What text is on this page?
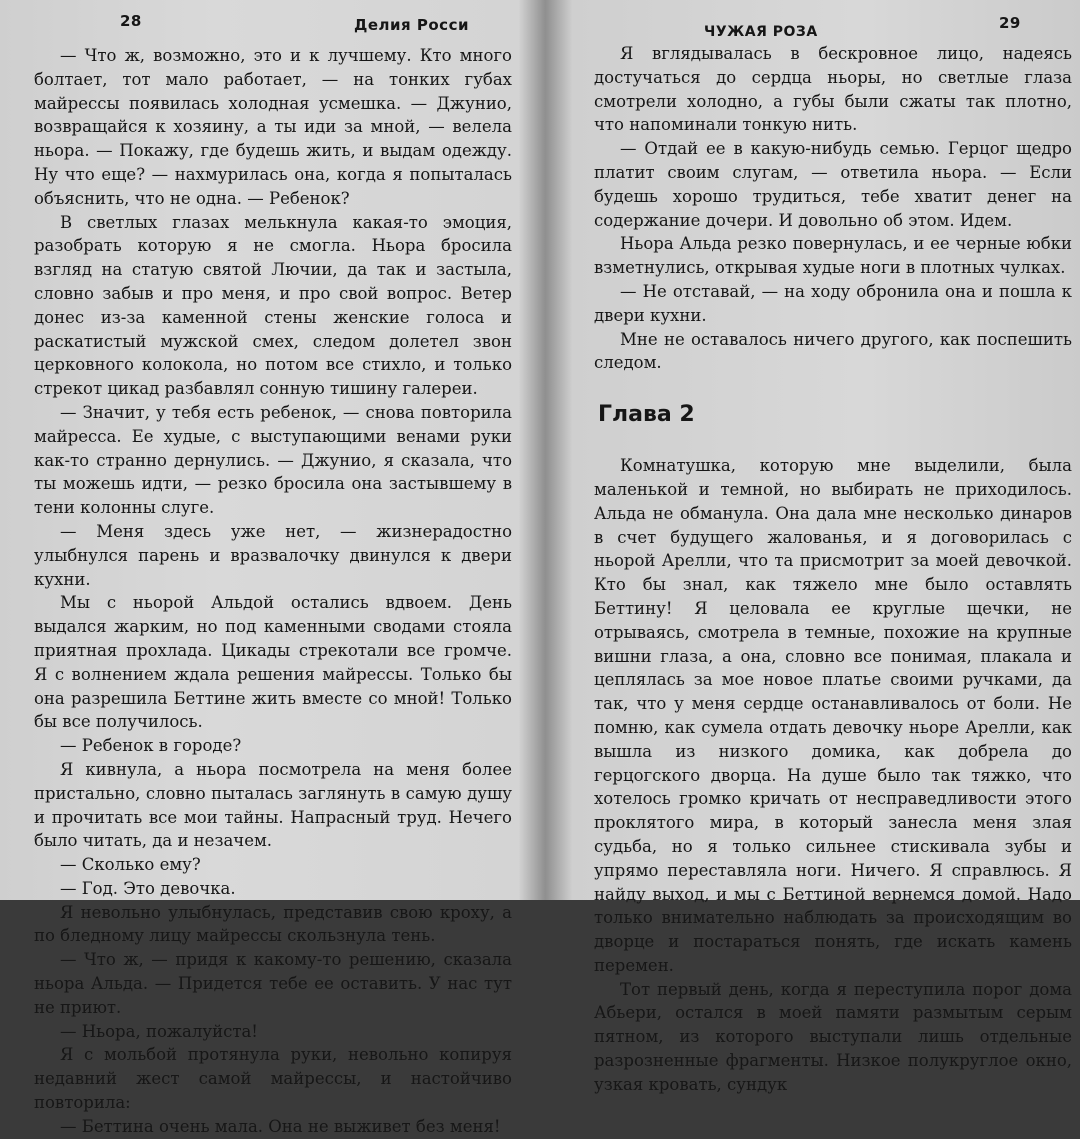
28	Делия Росси

— Что ж, возможно, это и к лучшему. Кто много болтает, тот мало работает, — на тонких губах майрессы появилась холодная усмешка. — Джунио, возвращайся к хозяину, а ты иди за мной, — велела ньора. — Покажу, где будешь жить, и выдам одежду. Ну что еще? — нахмурилась она, когда я попыталась объяснить, что не одна. — Ребенок?

В светлых глазах мелькнула какая-то эмоция, разобрать которую я не смогла. Ньора бросила взгляд на статую святой Лючии, да так и застыла, словно забыв и про меня, и про свой вопрос. Ветер донес из-за каменной стены женские голоса и раскатистый мужской смех, следом долетел звон церковного колокола, но потом все стихло, и только стрекот цикад разбавлял сонную тишину галереи.

— Значит, у тебя есть ребенок, — снова повторила майресса. Ее худые, с выступающими венами руки как-то странно дернулись. — Джунио, я сказала, что ты можешь идти, — резко бросила она застывшему в тени колонны слуге.

— Меня здесь уже нет, — жизнерадостно улыбнулся парень и вразвалочку двинулся к двери кухни.

Мы с ньорой Альдой остались вдвоем. День выдался жарким, но под каменными сводами стояла приятная прохлада. Цикады стрекотали все громче. Я с волнением ждала решения майрессы. Только бы она разрешила Беттине жить вместе со мной! Только бы все получилось.

— Ребенок в городе?

Я кивнула, а ньора посмотрела на меня более пристально, словно пыталась заглянуть в самую душу и прочитать все мои тайны. Напрасный труд. Нечего было читать, да и незачем.

— Сколько ему?

— Год. Это девочка.

Я невольно улыбнулась, представив свою кроху, а по бледному лицу майрессы скользнула тень.

— Что ж, — придя к какому-то решению, сказала ньора Альда. — Придется тебе ее оставить. У нас тут не приют.

— Ньора, пожалуйста!

Я с мольбой протянула руки, невольно копируя недавний жест самой майрессы, и настойчиво повторила:

— Беттина очень мала. Она не выживет без меня!

ЧУЖАЯ РОЗА	29

Я вглядывалась в бескровное лицо, надеясь достучаться до сердца ньоры, но светлые глаза смотрели холодно, а губы были сжаты так плотно, что напоминали тонкую нить.

— Отдай ее в какую-нибудь семью. Герцог щедро платит своим слугам, — ответила ньора. — Если будешь хорошо трудиться, тебе хватит денег на содержание дочери. И довольно об этом. Идем.

Ньора Альда резко повернулась, и ее черные юбки взметнулись, открывая худые ноги в плотных чулках.

— Не отставай, — на ходу обронила она и пошла к двери кухни.

Мне не оставалось ничего другого, как поспешить следом.

Глава 2

Комнатушка, которую мне выделили, была маленькой и темной, но выбирать не приходилось. Альда не обманула. Она дала мне несколько динаров в счет будущего жалованья, и я договорилась с ньорой Арелли, что та присмотрит за моей девочкой. Кто бы знал, как тяжело мне было оставлять Беттину! Я целовала ее круглые щечки, не отрываясь, смотрела в темные, похожие на крупные вишни глаза, а она, словно все понимая, плакала и цеплялась за мое новое платье своими ручками, да так, что у меня сердце останавливалось от боли. Не помню, как сумела отдать девочку ньоре Арелли, как вышла из низкого домика, как добрела до герцогского дворца. На душе было так тяжко, что хотелось громко кричать от несправедливости этого проклятого мира, в который занесла меня злая судьба, но я только сильнее стискивала зубы и упрямо переставляла ноги. Ничего. Я справлюсь. Я найду выход, и мы с Беттиной вернемся домой. Надо только внимательно наблюдать за происходящим во дворце и постараться понять, где искать камень перемен.

Тот первый день, когда я переступила порог дома Абьери, остался в моей памяти размытым серым пятном, из которого выступали лишь отдельные разрозненные фрагменты. Низкое полукруглое окно, узкая кровать, сундук
